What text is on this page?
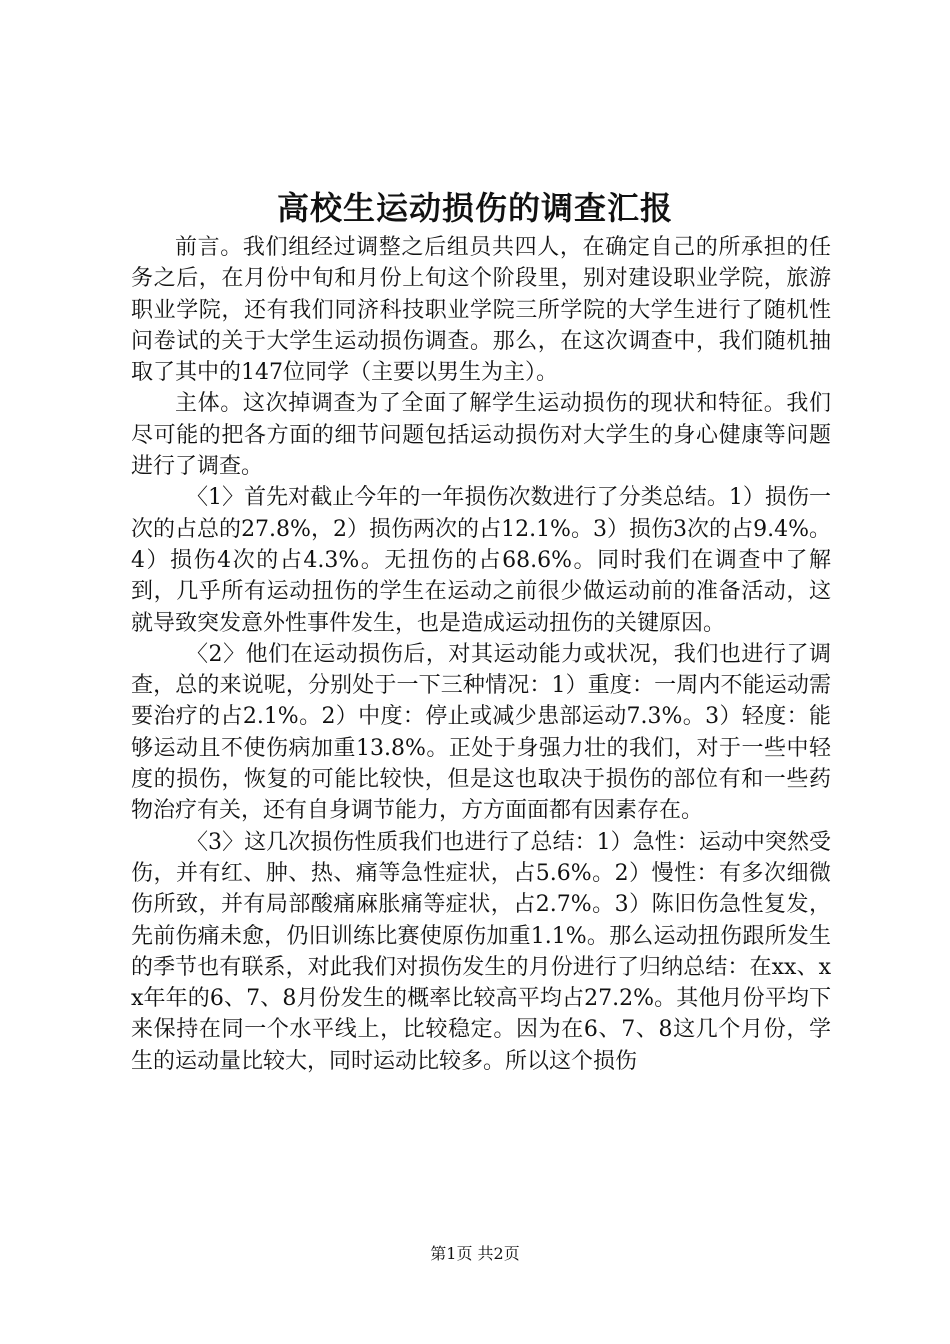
高校生运动损伤的调查汇报

前言。我们组经过调整之后组员共四人，在确定自己的所承担的任务之后，在月份中旬和月份上旬这个阶段里，别对建设职业学院，旅游职业学院，还有我们同济科技职业学院三所学院的大学生进行了随机性问卷试的关于大学生运动损伤调查。那么，在这次调查中，我们随机抽取了其中的147位同学（主要以男生为主）。

主体。这次掉调查为了全面了解学生运动损伤的现状和特征。我们尽可能的把各方面的细节问题包括运动损伤对大学生的身心健康等问题进行了调查。

〈1〉首先对截止今年的一年损伤次数进行了分类总结。1）损伤一次的占总的27.8%，2）损伤两次的占12.1%。3）损伤3次的占9.4%。4）损伤4次的占4.3%。无扭伤的占68.6%。同时我们在调查中了解到，几乎所有运动扭伤的学生在运动之前很少做运动前的准备活动，这就导致突发意外性事件发生，也是造成运动扭伤的关键原因。

〈2〉他们在运动损伤后，对其运动能力或状况，我们也进行了调查，总的来说呢，分别处于一下三种情况：1）重度：一周内不能运动需要治疗的占2.1%。2）中度：停止或减少患部运动7.3%。3）轻度：能够运动且不使伤病加重13.8%。正处于身强力壮的我们，对于一些中轻度的损伤，恢复的可能比较快，但是这也取决于损伤的部位有和一些药物治疗有关，还有自身调节能力，方方面面都有因素存在。

〈3〉这几次损伤性质我们也进行了总结：1）急性：运动中突然受伤，并有红、肿、热、痛等急性症状，占5.6%。2）慢性：有多次细微伤所致，并有局部酸痛麻胀痛等症状，占2.7%。3）陈旧伤急性复发，先前伤痛未愈，仍旧训练比赛使原伤加重1.1%。那么运动扭伤跟所发生的季节也有联系，对此我们对损伤发生的月份进行了归纳总结：在xx、xx年年的6、7、8月份发生的概率比较高平均占27.2%。其他月份平均下来保持在同一个水平线上，比较稳定。因为在6、7、8这几个月份，学生的运动量比较大，同时运动比较多。所以这个损伤

第1页 共2页
